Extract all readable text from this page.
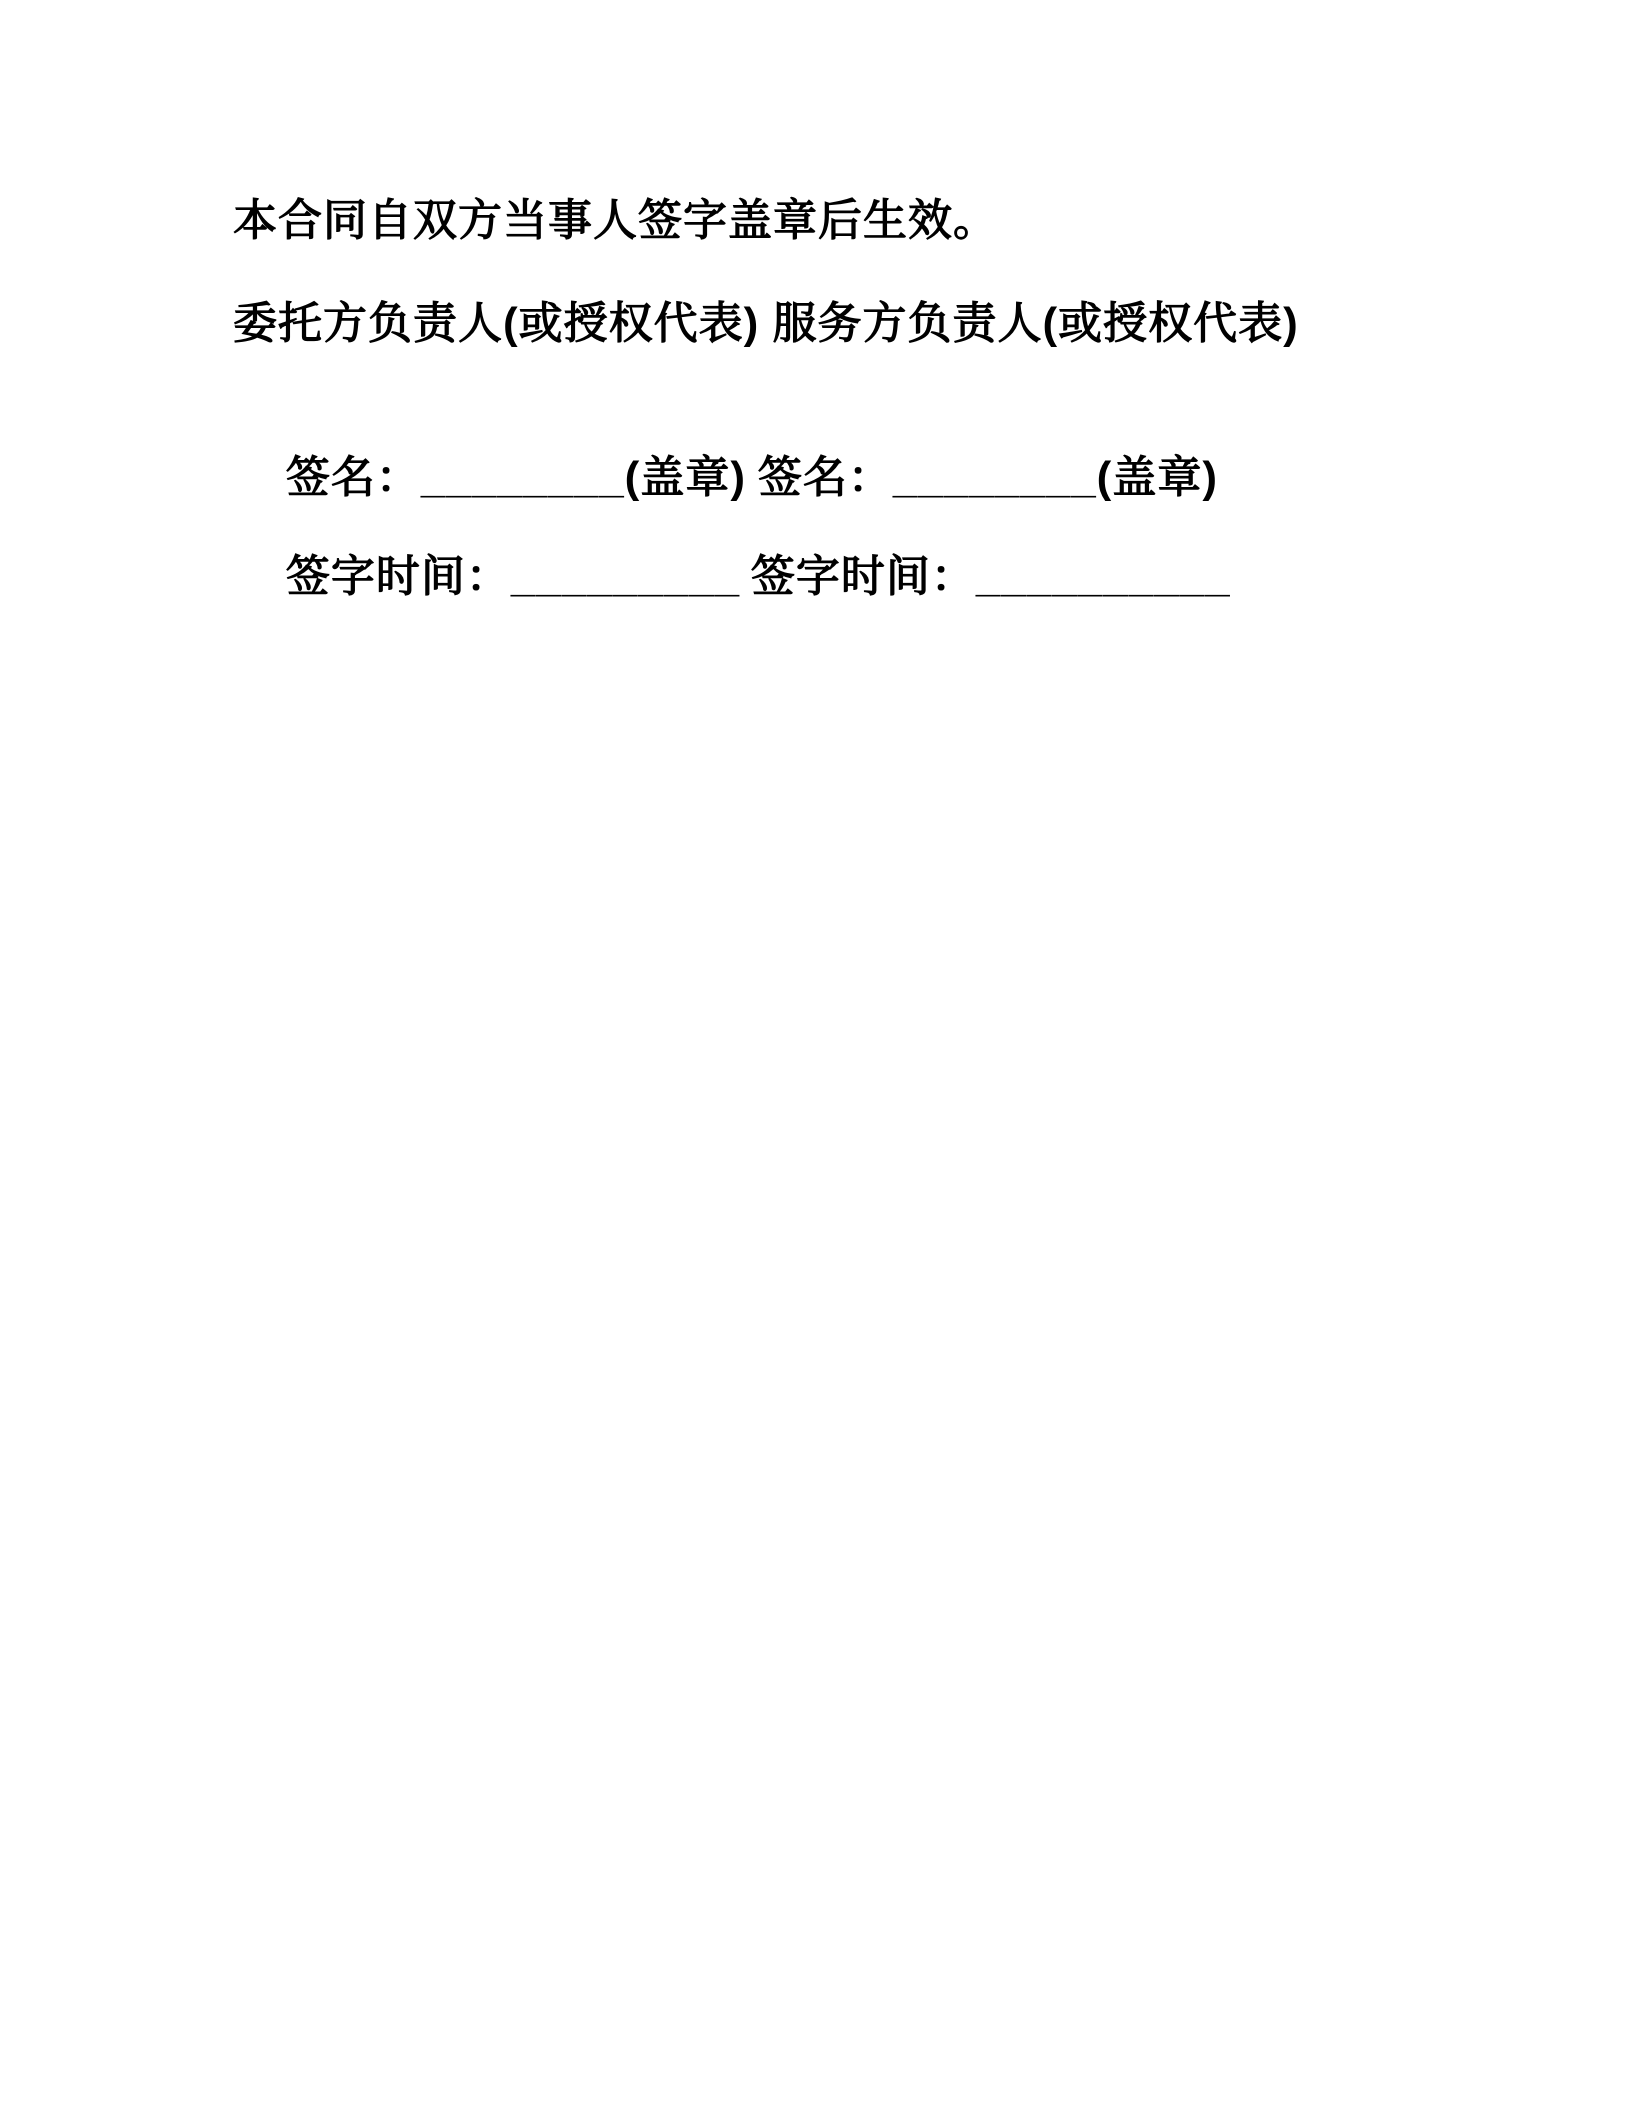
本合同自双方当事人签字盖章后生效。

委托方负责人(或授权代表) 服务方负责人(或授权代表)

签名：________(盖章) 签名：________(盖章)

签字时间：_________ 签字时间：__________
